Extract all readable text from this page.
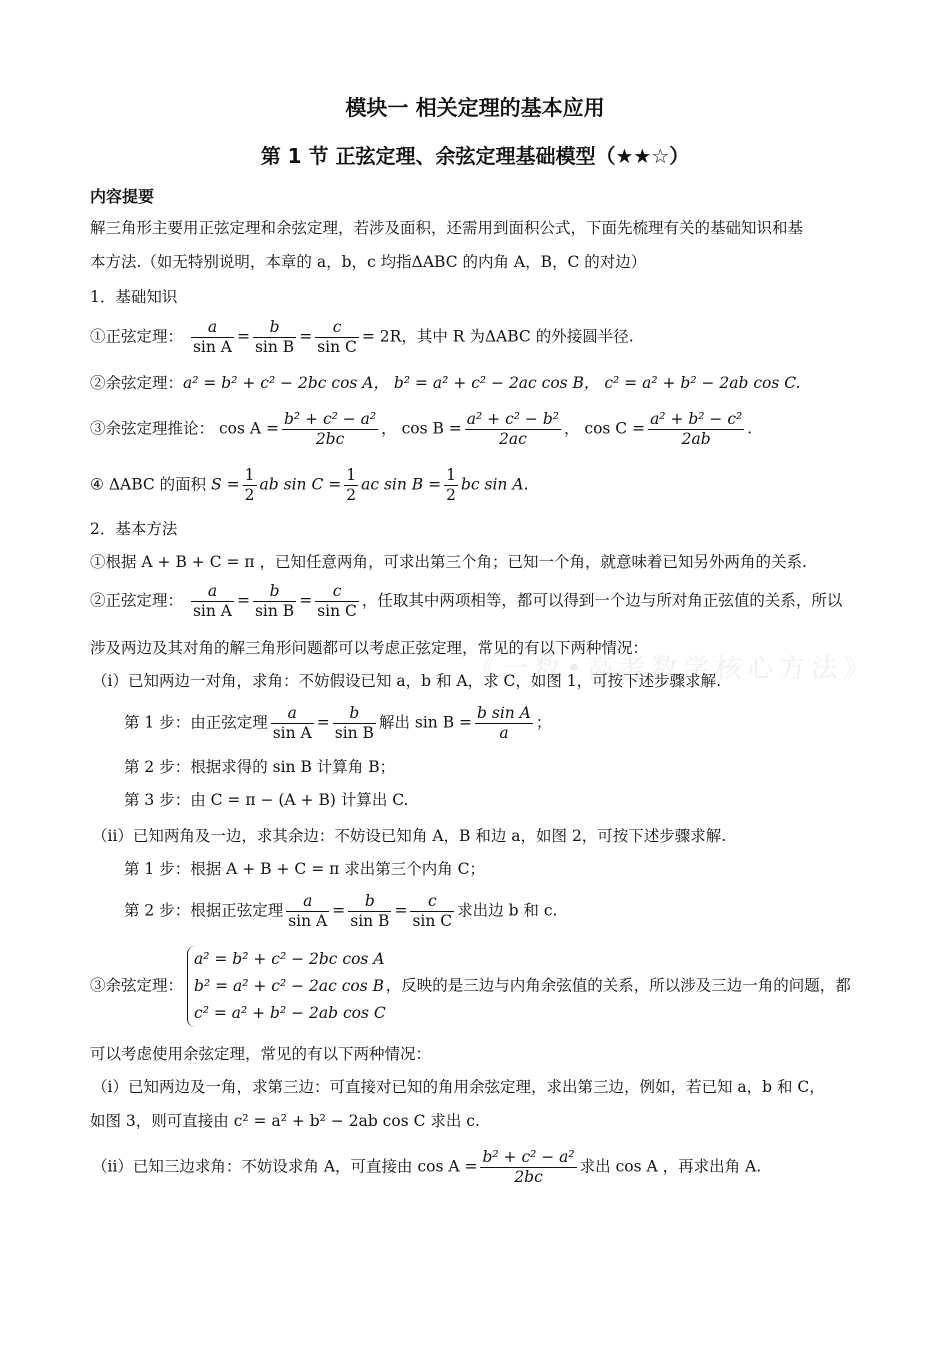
模块一 相关定理的基本应用
第 1 节 正弦定理、余弦定理基础模型（★★☆）
内容提要
解三角形主要用正弦定理和余弦定理，若涉及面积，还需用到面积公式，下面先梳理有关的基础知识和基
本方法.（如无特别说明，本章的 a，b，c 均指ΔABC 的内角 A，B，C 的对边）
1．基础知识
①正弦定理： $\frac{a}{\text{sin A}} = \frac{b}{\text{sin B}} = \frac{c}{\text{sin C}} = 2R$，其中 R 为ΔABC 的外接圆半径.
②余弦定理：a² = b² + c² − 2bc cos A， b² = a² + c² − 2ac cos B， c² = a² + b² − 2ab cos C.
③余弦定理推论： $\cos A = \frac{\text{b² + c² − a²}}{2bc}$ ， $\cos B = \frac{\text{a² + c² − b²}}{2ac}$ ， $\cos C = \frac{\text{a² + b² − c²}}{2ab}$ .
④ ΔABC 的面积 $S = \frac{1}{2}$ ab $\sin C = \frac{1}{2}$ ac $\sin B = \frac{1}{2}$ bc sin A.
2．基本方法
①根据 A + B + C = π ，已知任意两角，可求出第三个角；已知一个角，就意味着已知另外两角的关系.
②正弦定理： $\frac{a}{\text{sin A}} = \frac{b}{\text{sin B}} = \frac{c}{\text{sin C}}$ ，任取其中两项相等，都可以得到一个边与所对角正弦值的关系，所以
涉及两边及其对角的解三角形问题都可以考虑正弦定理，常见的有以下两种情况：
《一数•高考数学核心方法》
（i）已知两边一对角，求角：不妨假设已知 a，b 和 A，求 C，如图 1，可按下述步骤求解.
第 1 步：由正弦定理 $\frac{a}{\text{sin A}} = \frac{b}{\text{sin B}}$ 解出 $\sin B = \frac{\text{b sin A}}{a}$ ；
第 2 步：根据求得的 sin B 计算角 B；
第 3 步：由 C = π − (A + B) 计算出 C.
（ii）已知两角及一边，求其余边：不妨设已知角 A，B 和边 a，如图 2，可按下述步骤求解.
第 1 步：根据 A + B + C = π 求出第三个内角 C；
第 2 步：根据正弦定理 $\frac{a}{\text{sin A}} = \frac{b}{\text{sin B}} = \frac{c}{\text{sin C}}$ 求出边 b 和 c.
③余弦定理：
a² = b² + c² − 2bc cos A
b² = a² + c² − 2ac cos B
c² = a² + b² − 2ab cos C
，反映的是三边与内角余弦值的关系，所以涉及三边一角的问题，都
可以考虑使用余弦定理，常见的有以下两种情况：
（i）已知两边及一角，求第三边：可直接对已知的角用余弦定理，求出第三边，例如，若已知 a，b 和 C，
如图 3，则可直接由 c² = a² + b² − 2ab cos C 求出 c.
（ii）已知三边求角：不妨设求角 A，可直接由 $\cos A = \frac{\text{b² + c² − a²}}{2bc}$ 求出 cos A ，再求出角 A.
